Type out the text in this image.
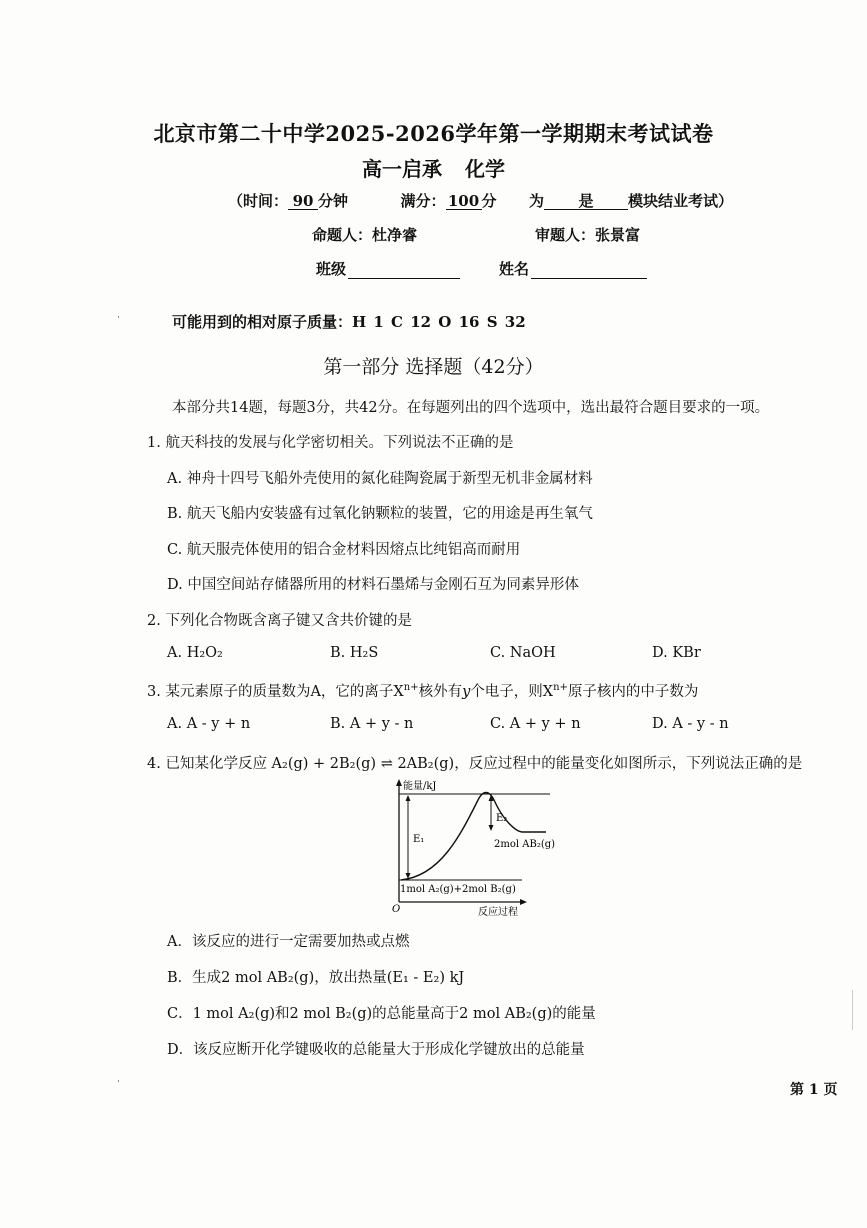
北京市第二十中学2025-2026学年第一学期期末考试试卷
高一启承 化学
（时间： 90 分钟	满分： 100 分 为 是 模块结业考试）
命题人：杜净睿	审题人：张景富
班级	姓名
可能用到的相对原子质量：H 1 C 12 O 16 S 32
第一部分 选择题（42分）
本部分共14题，每题3分，共42分。在每题列出的四个选项中，选出最符合题目要求的一项。
1. 航天科技的发展与化学密切相关。下列说法不正确的是
A. 神舟十四号飞船外壳使用的氮化硅陶瓷属于新型无机非金属材料
B. 航天飞船内安装盛有过氧化钠颗粒的装置，它的用途是再生氧气
C. 航天服壳体使用的铝合金材料因熔点比纯铝高而耐用
D. 中国空间站存储器所用的材料石墨烯与金刚石互为同素异形体
2. 下列化合物既含离子键又含共价键的是
A. H₂O₂	B. H₂S	C. NaOH	D. KBr
3. 某元素原子的质量数为A，它的离子$X^{n+}$核外有y个电子，则$X^{n+}$原子核内的中子数为
A. A - y + n	B. A + y - n	C. A + y + n	D. A - y - n
4. 已知某化学反应 A₂(g) + 2B₂(g) ⇌ 2AB₂(g)，反应过程中的能量变化如图所示，下列说法正确的是
能量/kJ
E₁
E₂
2mol AB₂(g)
1mol A₂(g)+2mol B₂(g)
O	反应过程
A．该反应的进行一定需要加热或点燃
B．生成2 mol AB₂(g)，放出热量(E₁ - E₂) kJ
C．1 mol A₂(g)和2 mol B₂(g)的总能量高于2 mol AB₂(g)的能量
D．该反应断开化学键吸收的总能量大于形成化学键放出的总能量
第 1 页
